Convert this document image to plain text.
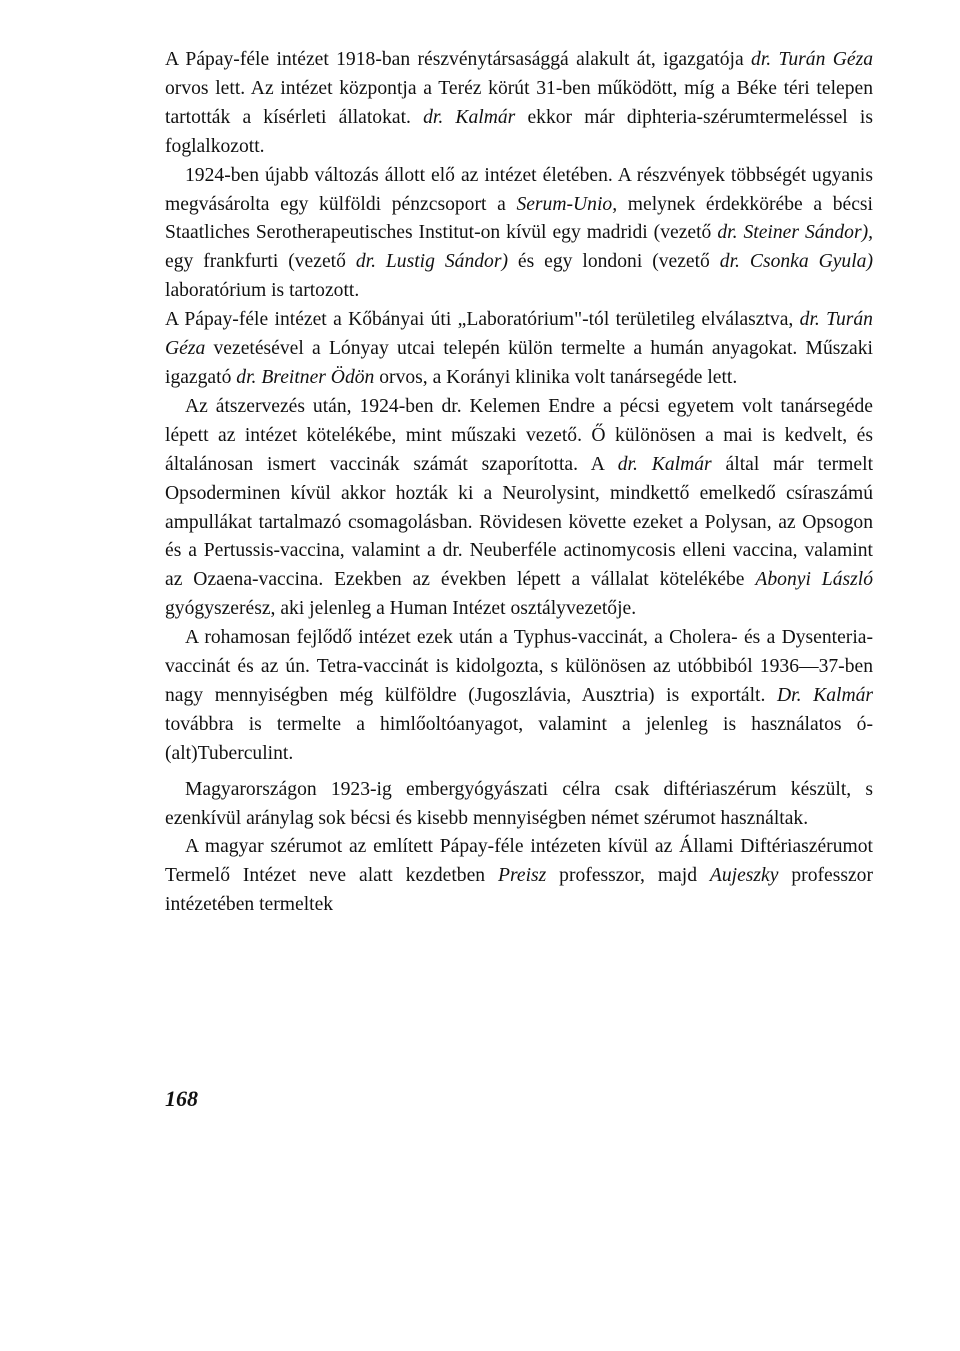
A Pápay-féle intézet 1918-ban részvénytársasággá alakult át, igazgatója dr. Turán Géza orvos lett. Az intézet központja a Teréz körút 31-ben működött, míg a Béke téri telepen tartották a kísérleti állatokat. dr. Kalmár ekkor már diphteria-szérumtermeléssel is foglalkozott.

1924-ben újabb változás állott elő az intézet életében. A részvények többségét ugyanis megvásárolta egy külföldi pénzcsoport a Serum-Unio, melynek érdekkörébe a bécsi Staatliches Serotherapeutisches Institut-on kívül egy madridi (vezető dr. Steiner Sándor), egy frankfurti (vezető dr. Lustig Sándor) és egy londoni (vezető dr. Csonka Gyula) laboratórium is tartozott.

A Pápay-féle intézet a Kőbányai úti „Laboratórium"-tól területileg elválasztva, dr. Turán Géza vezetésével a Lónyay utcai telepén külön termelte a humán anyagokat. Műszaki igazgató dr. Breitner Ödön orvos, a Korányi klinika volt tanársegéde lett.

Az átszervezés után, 1924-ben dr. Kelemen Endre a pécsi egyetem volt tanársegéde lépett az intézet kötelékébe, mint műszaki vezető. Ő különösen a mai is kedvelt, és általánosan ismert vaccinák számát szaporította. A dr. Kalmár által már termelt Opsoderminen kívül akkor hozták ki a Neurolysint, mindkettő emelkedő csíraszámú ampullákat tartalmazó csomagolásban. Rövidesen követte ezeket a Polysan, az Opsogon és a Pertussis-vaccina, valamint a dr. Neuberféle actinomycosis elleni vaccina, valamint az Ozaena-vaccina. Ezekben az években lépett a vállalat kötelékébe Abonyi László gyógyszerész, aki jelenleg a Human Intézet osztályvezetője.

A rohamosan fejlődő intézet ezek után a Typhus-vaccinát, a Cholera- és a Dysenteria-vaccinát és az ún. Tetra-vaccinát is kidolgozta, s különösen az utóbbiból 1936—37-ben nagy mennyiségben még külföldre (Jugoszlávia, Ausztria) is exportált. Dr. Kalmár továbbra is termelte a himlőoltóanyagot, valamint a jelenleg is használatos ó-(alt)Tuberculint.

Magyarországon 1923-ig embergyógyászati célra csak diftériaszérum készült, s ezenkívül aránylag sok bécsi és kisebb mennyiségben német szérumot használtak.

A magyar szérumot az említett Pápay-féle intézeten kívül az Állami Diftériaszérumot Termelő Intézet neve alatt kezdetben Preisz professzor, majd Aujeszky professzor intézetében termeltek

168
